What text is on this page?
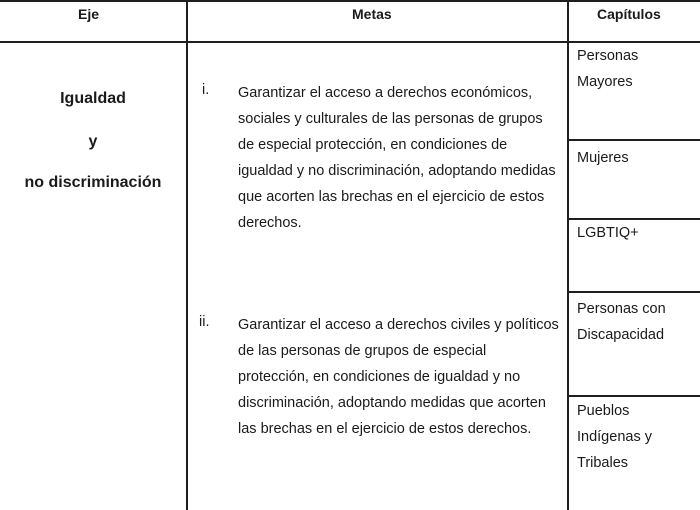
Eje	Metas	Capítulos
Igualdad
y
no discriminación
i. Garantizar el acceso a derechos económicos, sociales y culturales de las personas de grupos de especial protección, en condiciones de igualdad y no discriminación, adoptando medidas que acorten las brechas en el ejercicio de estos derechos.
ii. Garantizar el acceso a derechos civiles y políticos de las personas de grupos de especial protección, en condiciones de igualdad y no discriminación, adoptando medidas que acorten las brechas en el ejercicio de estos derechos.
Personas Mayores
Mujeres
LGBTIQ+
Personas con Discapacidad
Pueblos Indígenas y Tribales
